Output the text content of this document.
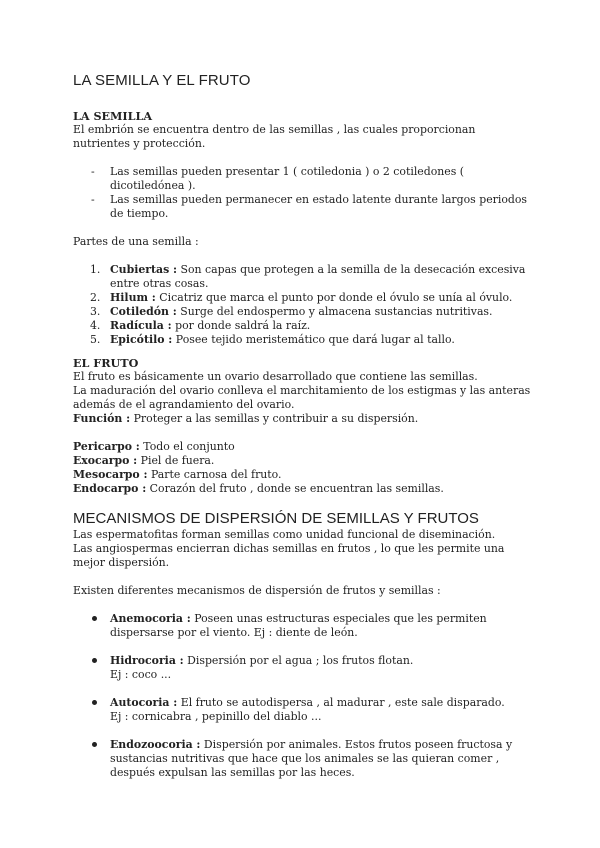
LA SEMILLA Y EL FRUTO

LA SEMILLA

El embrión se encuentra dentro de las semillas , las cuales proporcionan nutrientes y protección.

- Las semillas pueden presentar 1 ( cotiledonia ) o 2 cotiledones ( dicotiledónea ).
- Las semillas pueden permanecer en estado latente durante largos periodos de tiempo.

Partes de una semilla :

1. Cubiertas : Son capas que protegen a la semilla de la desecación excesiva entre otras cosas.
2. Hilum : Cicatriz que marca el punto por donde el óvulo se unía al óvulo.
3. Cotiledón : Surge del endospermo y almacena sustancias nutritivas.
4. Radícula : por donde saldrá la raíz.
5. Epicótilo : Posee tejido meristemático que dará lugar al tallo.

EL FRUTO

El fruto es básicamente un ovario desarrollado que contiene las semillas.

La maduración del ovario conlleva el marchitamiento de los estigmas y las anteras además de el agrandamiento del ovario.

Función : Proteger a las semillas y contribuir a su dispersión.

Pericarpo : Todo el conjunto

Exocarpo : Piel de fuera.

Mesocarpo : Parte carnosa del fruto.

Endocarpo : Corazón del fruto , donde se encuentran las semillas.

MECANISMOS DE DISPERSIÓN DE SEMILLAS Y FRUTOS

Las espermatofitas forman semillas como unidad funcional de diseminación.

Las angiospermas encierran dichas semillas en frutos , lo que les permite una mejor dispersión.

Existen diferentes mecanismos de dispersión de frutos y semillas :

Anemocoria : Poseen unas estructuras especiales que les permiten dispersarse por el viento. Ej : diente de león.
Hidrocoria : Dispersión por el agua ; los frutos flotan.
Ej : coco ...
Autocoria : El fruto se autodispersa , al madurar , este sale disparado.
Ej : cornicabra , pepinillo del diablo ...
Endozoocoria : Dispersión por animales. Estos frutos poseen fructosa y sustancias nutritivas que hace que los animales se las quieran comer , después expulsan las semillas por las heces.
